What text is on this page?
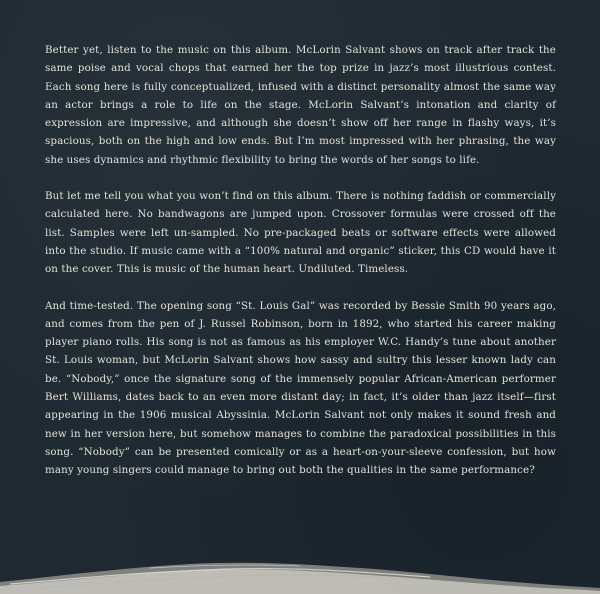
Better yet, listen to the music on this album. McLorin Salvant shows on track after track the same poise and vocal chops that earned her the top prize in jazz’s most illustrious contest. Each song here is fully conceptualized, infused with a distinct personality almost the same way an actor brings a role to life on the stage. McLorin Salvant’s intonation and clarity of expression are impressive, and although she doesn’t show off her range in flashy ways, it’s spacious, both on the high and low ends. But I’m most impressed with her phrasing, the way she uses dynamics and rhythmic flexibility to bring the words of her songs to life.

But let me tell you what you won’t find on this album. There is nothing faddish or commercially calculated here. No bandwagons are jumped upon. Crossover formulas were crossed off the list. Samples were left un-sampled. No pre-packaged beats or software effects were allowed into the studio. If music came with a “100% natural and organic” sticker, this CD would have it on the cover. This is music of the human heart. Undiluted. Timeless.

And time-tested. The opening song “St. Louis Gal” was recorded by Bessie Smith 90 years ago, and comes from the pen of J. Russel Robinson, born in 1892, who started his career making player piano rolls. His song is not as famous as his employer W.C. Handy’s tune about another St. Louis woman, but McLorin Salvant shows how sassy and sultry this lesser known lady can be. “Nobody,” once the signature song of the immensely popular African-American performer Bert Williams, dates back to an even more distant day; in fact, it’s older than jazz itself—first appearing in the 1906 musical Abyssinia. McLorin Salvant not only makes it sound fresh and new in her version here, but somehow manages to combine the paradoxical possibilities in this song. “Nobody” can be presented comically or as a heart-on-your-sleeve confession, but how many young singers could manage to bring out both the qualities in the same performance?
